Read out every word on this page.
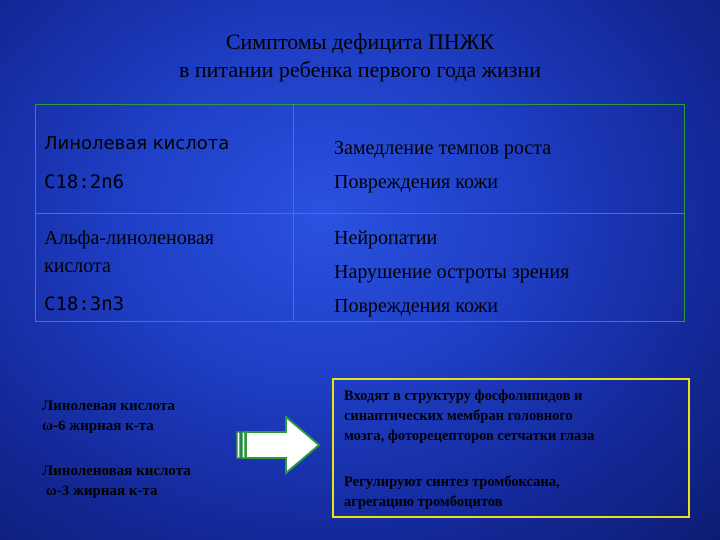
Симптомы дефицита ПНЖК
в питании ребенка первого года жизни
Линолевая кислота
C18:2n6
Замедление темпов роста
Повреждения кожи
Альфа-линоленовая
кислота
C18:3n3
Нейропатии
Нарушение остроты зрения
Повреждения кожи
Линолевая кислота
ω-6 жирная к-та
Линоленовая кислота
ω-3 жирная к-та
Входят в структуру фосфолипидов и
синаптических мембран головного
мозга, фоторецепторов сетчатки глаза
Регулируют синтез тромбоксана,
агрегацию тромбоцитов
